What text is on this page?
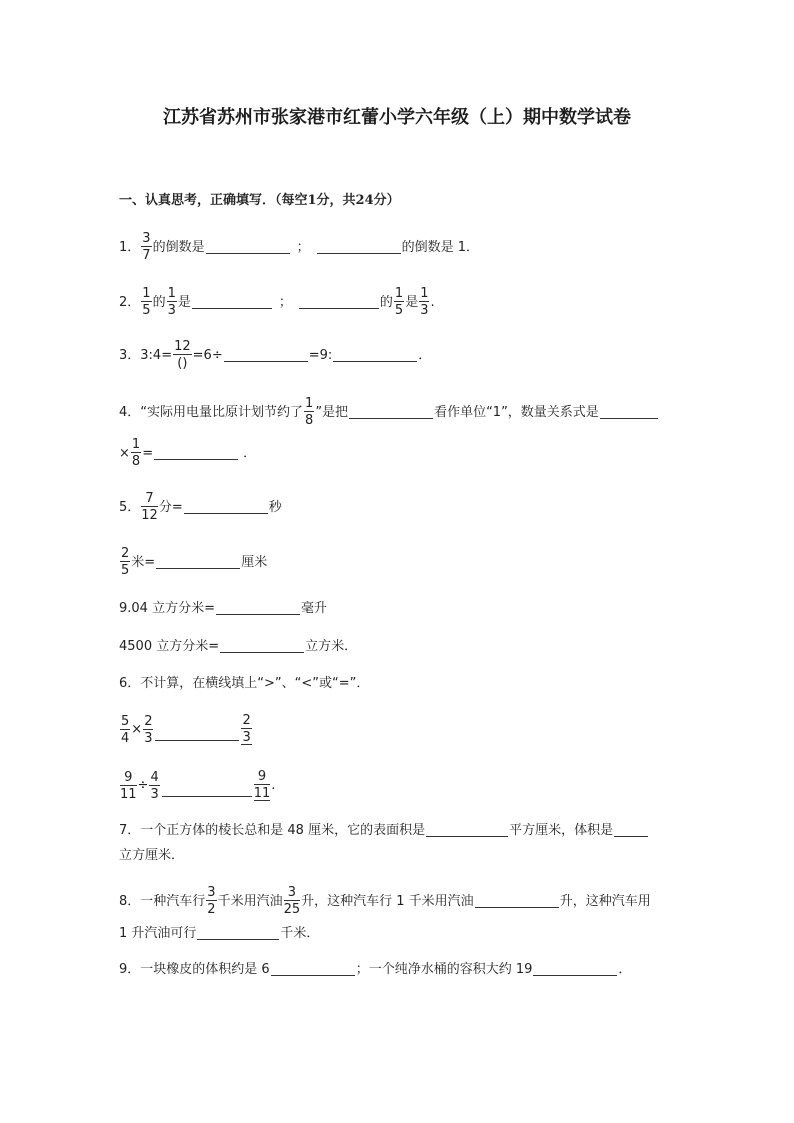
江苏省苏州市张家港市红蕾小学六年级（上）期中数学试卷
一、认真思考，正确填写．（每空1分，共24分）
1． $\frac{3}{7}$ 的倒数是	；	的倒数是 1．
2． $\frac{1}{5}$ 的 $\frac{1}{3}$ 是	；	的 $\frac{1}{5}$ 是 $\frac{1}{3}$ .
3． 3:4= $\frac{12}{()} =6\div$	=9:	．
4． “实际用电量比原计划节约了 $\frac{1}{8}$ ”是把	看作单位“1”，数量关系式是
× $\frac{1}{8}$ =	．
5． $\frac{7}{12}$ 分=	秒
$\frac{2}{5}$ 米=	厘米
9.04 立方分米=	毫升
4500 立方分米=	立方米．
6． 不计算，在横线填上“>”、“<”或“=”．
$\frac{5}{4} \times \frac{2}{3}$	$\frac{2}{3}$
$\frac{9}{11} \div \frac{4}{3}$	$\frac{9}{11}$ .
7． 一个正方体的棱长总和是 48 厘米，它的表面积是	平方厘米，体积是
立方厘米．
8． 一种汽车行 $\frac{3}{2}$ 千米用汽油 $\frac{3}{25}$ 升，这种汽车行 1 千米用汽油	升，这种汽车用
1 升汽油可行	千米．
9． 一块橡皮的体积约是 6	；一个纯净水桶的容积大约 19	．
